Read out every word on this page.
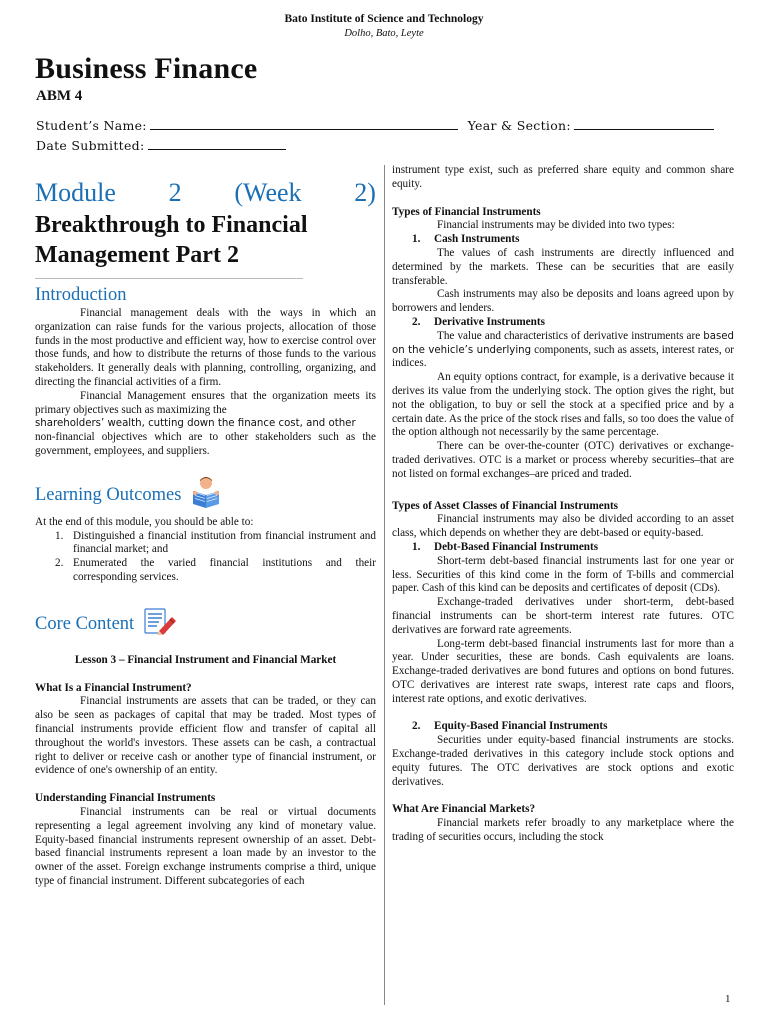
Bato Institute of Science and Technology
Dolho, Bato, Leyte
Business Finance
ABM 4
Student’s Name:	Year & Section:
Date Submitted:
Module 2 (Week 2)
Breakthrough to Financial
Management Part 2
Introduction

Financial management deals with the ways in which an organization can raise funds for the various projects, allocation of those funds in the most productive and efficient way, how to exercise control over those funds, and how to distribute the returns of those funds to the various stakeholders. It generally deals with planning, controlling, organizing, and directing the financial activities of a firm.

Financial Management ensures that the organization meets its primary objectives such as maximizing the

shareholders’ wealth, cutting down the finance cost, and other

non-financial objectives which are to other stakeholders such as the government, employees, and suppliers.

Learning Outcomes

At the end of this module, you should be able to:

1. Distinguished a financial institution from financial instrument and financial market; and
2. Enumerated the varied financial institutions and their corresponding services.
Core Content

Lesson 3 – Financial Instrument and Financial Market

What Is a Financial Instrument?

Financial instruments are assets that can be traded, or they can also be seen as packages of capital that may be traded. Most types of financial instruments provide efficient flow and transfer of capital all throughout the world's investors. These assets can be cash, a contractual right to deliver or receive cash or another type of financial instrument, or evidence of one's ownership of an entity.

Understanding Financial Instruments

Financial instruments can be real or virtual documents representing a legal agreement involving any kind of monetary value. Equity-based financial instruments represent ownership of an asset. Debt-based financial instruments represent a loan made by an investor to the owner of the asset. Foreign exchange instruments comprise a third, unique type of financial instrument. Different subcategories of each

instrument type exist, such as preferred share equity and common share equity.

Types of Financial Instruments

Financial instruments may be divided into two types:

1. Cash Instruments

The values of cash instruments are directly influenced and determined by the markets. These can be securities that are easily transferable.

Cash instruments may also be deposits and loans agreed upon by borrowers and lenders.

2. Derivative Instruments

The value and characteristics of derivative instruments are based on the vehicle’s underlying components, such as assets, interest rates, or indices.

An equity options contract, for example, is a derivative because it derives its value from the underlying stock. The option gives the right, but not the obligation, to buy or sell the stock at a specified price and by a certain date. As the price of the stock rises and falls, so too does the value of the option although not necessarily by the same percentage.

There can be over-the-counter (OTC) derivatives or exchange-traded derivatives. OTC is a market or process whereby securities–that are not listed on formal exchanges–are priced and traded.

Types of Asset Classes of Financial Instruments

Financial instruments may also be divided according to an asset class, which depends on whether they are debt-based or equity-based.

1. Debt-Based Financial Instruments

Short-term debt-based financial instruments last for one year or less. Securities of this kind come in the form of T-bills and commercial paper. Cash of this kind can be deposits and certificates of deposit (CDs).

Exchange-traded derivatives under short-term, debt-based financial instruments can be short-term interest rate futures. OTC derivatives are forward rate agreements.

Long-term debt-based financial instruments last for more than a year. Under securities, these are bonds. Cash equivalents are loans. Exchange-traded derivatives are bond futures and options on bond futures. OTC derivatives are interest rate swaps, interest rate caps and floors, interest rate options, and exotic derivatives.

2. Equity-Based Financial Instruments

Securities under equity-based financial instruments are stocks. Exchange-traded derivatives in this category include stock options and equity futures. The OTC derivatives are stock options and exotic derivatives.

What Are Financial Markets?

Financial markets refer broadly to any marketplace where the trading of securities occurs, including the stock

1
